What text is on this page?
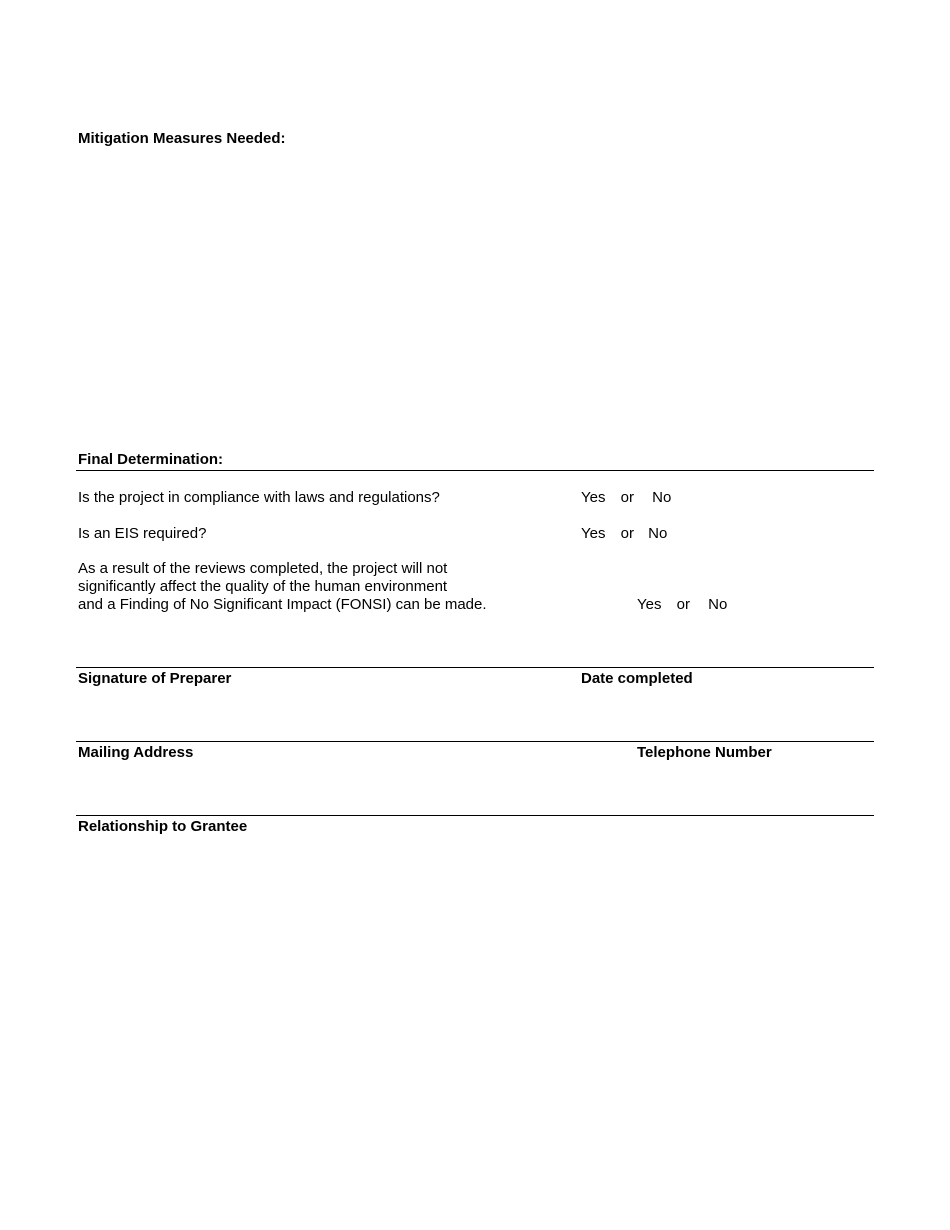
Mitigation Measures Needed:
Final Determination:
Is the project in compliance with laws and regulations?	Yes or No
Is an EIS required?	Yes or No
As a result of the reviews completed, the project will not
significantly affect the quality of the human environment
and a Finding of No Significant Impact (FONSI) can be made.	Yes or No
Signature of Preparer	Date completed
Mailing Address	Telephone Number
Relationship to Grantee
